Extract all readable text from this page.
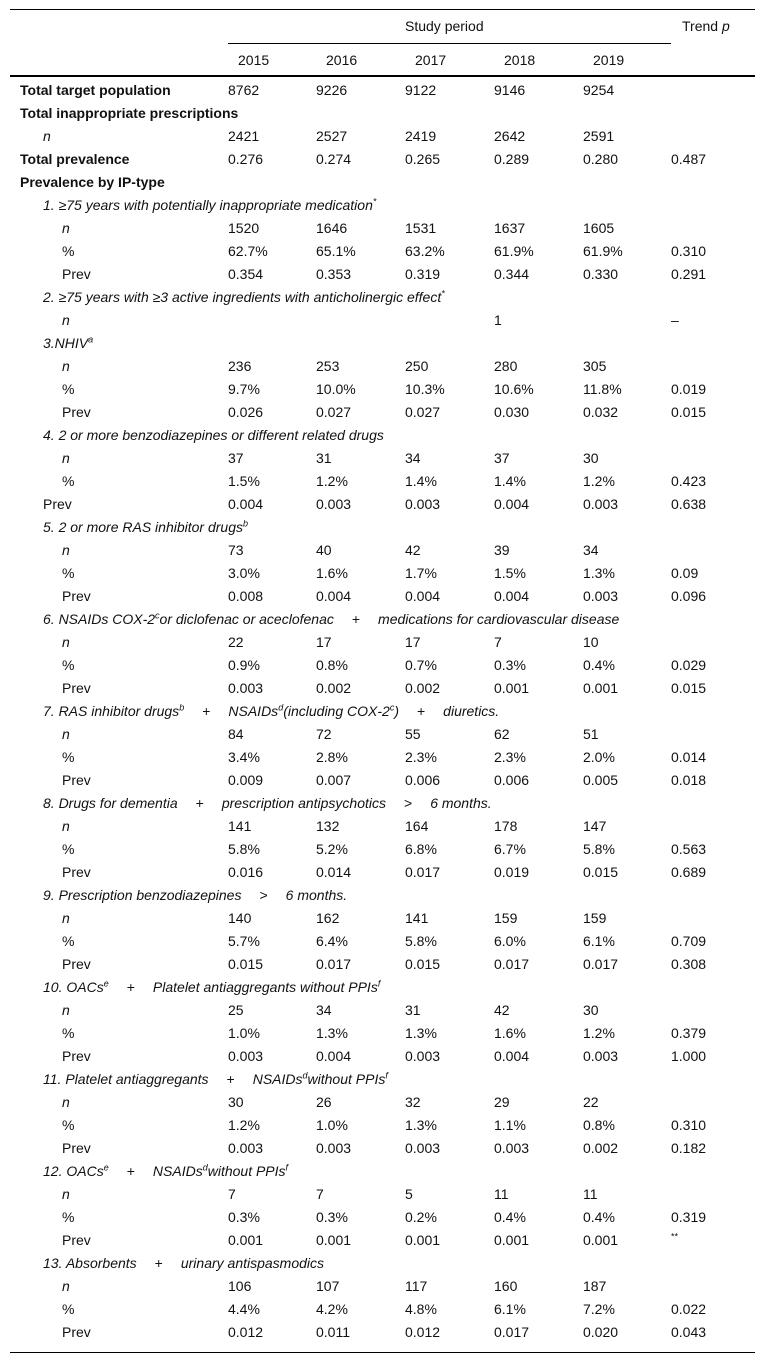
Study period	Trend p
2015	2016	2017	2018	2019
Total target population	8762	9226	9122	9146	9254	
Total inappropriate prescriptions						
n	2421	2527	2419	2642	2591	
Total prevalence	0.276	0.274	0.265	0.289	0.280	0.487
Prevalence by IP-type						
1. ≥75 years with potentially inappropriate medication*
n	1520	1646	1531	1637	1605	
%	62.7%	65.1%	63.2%	61.9%	61.9%	0.310
Prev	0.354	0.353	0.319	0.344	0.330	0.291
2. ≥75 years with ≥3 active ingredients with anticholinergic effect*
n				1		–
3.NHIV$^a$
n	236	253	250	280	305	
%	9.7%	10.0%	10.3%	10.6%	11.8%	0.019
Prev	0.026	0.027	0.027	0.030	0.032	0.015
4. 2 or more benzodiazepines or different related drugs						
n	37	31	34	37	30	
%	1.5%	1.2%	1.4%	1.4%	1.2%	0.423
Prev	0.004	0.003	0.003	0.004	0.003	0.638
5. 2 or more RAS inhibitor drugs$^b$
n	73	40	42	39	34	
%	3.0%	1.6%	1.7%	1.5%	1.3%	0.09
Prev	0.008	0.004	0.004	0.004	0.003	0.096
6. NSAIDs COX-2$^c$or diclofenac or aceclofenac + medications for cardiovascular disease						
n	22	17	17	7	10	
%	0.9%	0.8%	0.7%	0.3%	0.4%	0.029
Prev	0.003	0.002	0.002	0.001	0.001	0.015
7. RAS inhibitor drugs$^b$ + NSAIDs$^d$(including COX-$2^c$) + diuretics.						
n	84	72	55	62	51	
%	3.4%	2.8%	2.3%	2.3%	2.0%	0.014
Prev	0.009	0.007	0.006	0.006	0.005	0.018
8. Drugs for dementia + prescription antipsychotics > 6 months.						
n	141	132	164	178	147	
%	5.8%	5.2%	6.8%	6.7%	5.8%	0.563
Prev	0.016	0.014	0.017	0.019	0.015	0.689
9. Prescription benzodiazepines > 6 months.						
n	140	162	141	159	159	
%	5.7%	6.4%	5.8%	6.0%	6.1%	0.709
Prev	0.015	0.017	0.015	0.017	0.017	0.308
10. OACs$^e$ + Platelet antiaggregants without PPIs$^f$
n	25	34	31	42	30	
%	1.0%	1.3%	1.3%	1.6%	1.2%	0.379
Prev	0.003	0.004	0.003	0.004	0.003	1.000
11. Platelet antiaggregants + NSAIDs$^d$without PPIs$^f$
n	30	26	32	29	22	
%	1.2%	1.0%	1.3%	1.1%	0.8%	0.310
Prev	0.003	0.003	0.003	0.003	0.002	0.182
12. OACs$^e$ + NSAIDs$^d$without PPIs$^f$
n	7	7	5	11	11	
%	0.3%	0.3%	0.2%	0.4%	0.4%	0.319
Prev	0.001	0.001	0.001	0.001	0.001	**
13. Absorbents + urinary antispasmodics						
n	106	107	117	160	187	
%	4.4%	4.2%	4.8%	6.1%	7.2%	0.022
Prev	0.012	0.011	0.012	0.017	0.020	0.043
